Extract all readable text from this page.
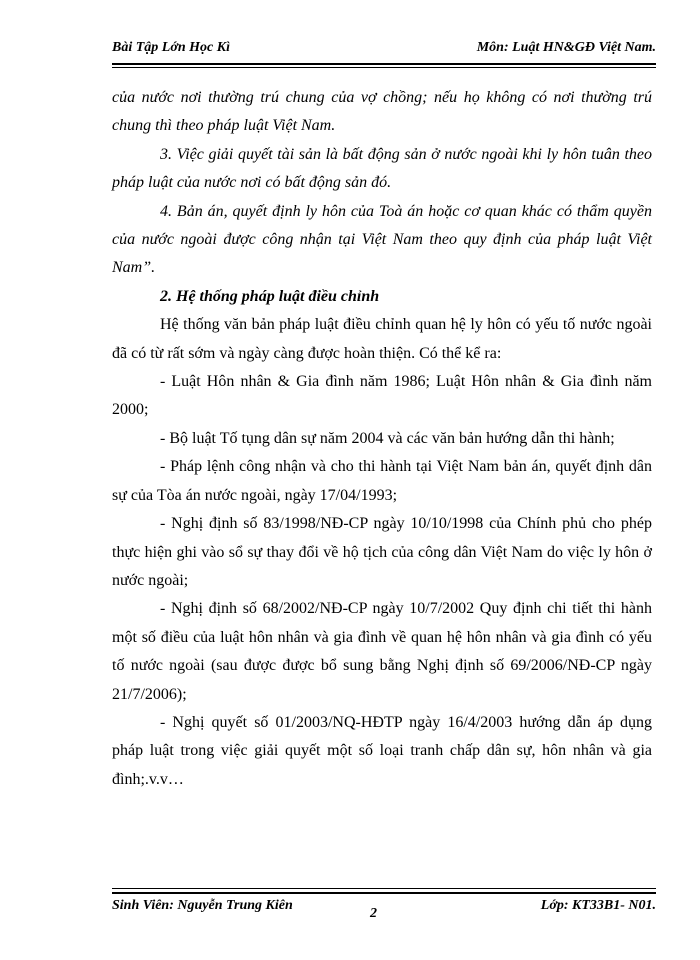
Bài Tập Lớn Học Kì	Môn: Luật HN&GĐ Việt Nam.

của nước nơi thường trú chung của vợ chồng; nếu họ không có nơi thường trú chung thì theo pháp luật Việt Nam.

3. Việc giải quyết tài sản là bất động sản ở nước ngoài khi ly hôn tuân theo pháp luật của nước nơi có bất động sản đó.

4. Bản án, quyết định ly hôn của Toà án hoặc cơ quan khác có thẩm quyền của nước ngoài được công nhận tại Việt Nam theo quy định của pháp luật Việt Nam”.

2. Hệ thống pháp luật điều chỉnh

Hệ thống văn bản pháp luật điều chỉnh quan hệ ly hôn có yếu tố nước ngoài đã có từ rất sớm và ngày càng được hoàn thiện. Có thể kể ra:

- Luật Hôn nhân & Gia đình năm 1986; Luật Hôn nhân & Gia đình năm 2000;

- Bộ luật Tố tụng dân sự năm 2004 và các văn bản hướng dẫn thi hành;

- Pháp lệnh công nhận và cho thi hành tại Việt Nam bản án, quyết định dân sự của Tòa án nước ngoài, ngày 17/04/1993;

- Nghị định số 83/1998/NĐ-CP ngày 10/10/1998 của Chính phủ cho phép thực hiện ghi vào sổ sự thay đổi về hộ tịch của công dân Việt Nam do việc ly hôn ở nước ngoài;

- Nghị định số 68/2002/NĐ-CP ngày 10/7/2002 Quy định chi tiết thi hành một số điều của luật hôn nhân và gia đình về quan hệ hôn nhân và gia đình có yếu tố nước ngoài (sau được được bổ sung bằng Nghị định số 69/2006/NĐ-CP ngày 21/7/2006);

- Nghị quyết số 01/2003/NQ-HĐTP ngày 16/4/2003 hướng dẫn áp dụng pháp luật trong việc giải quyết một số loại tranh chấp dân sự, hôn nhân và gia đình;.v.v…

Sinh Viên: Nguyễn Trung Kiên
2
Lớp: KT33B1- N01.
